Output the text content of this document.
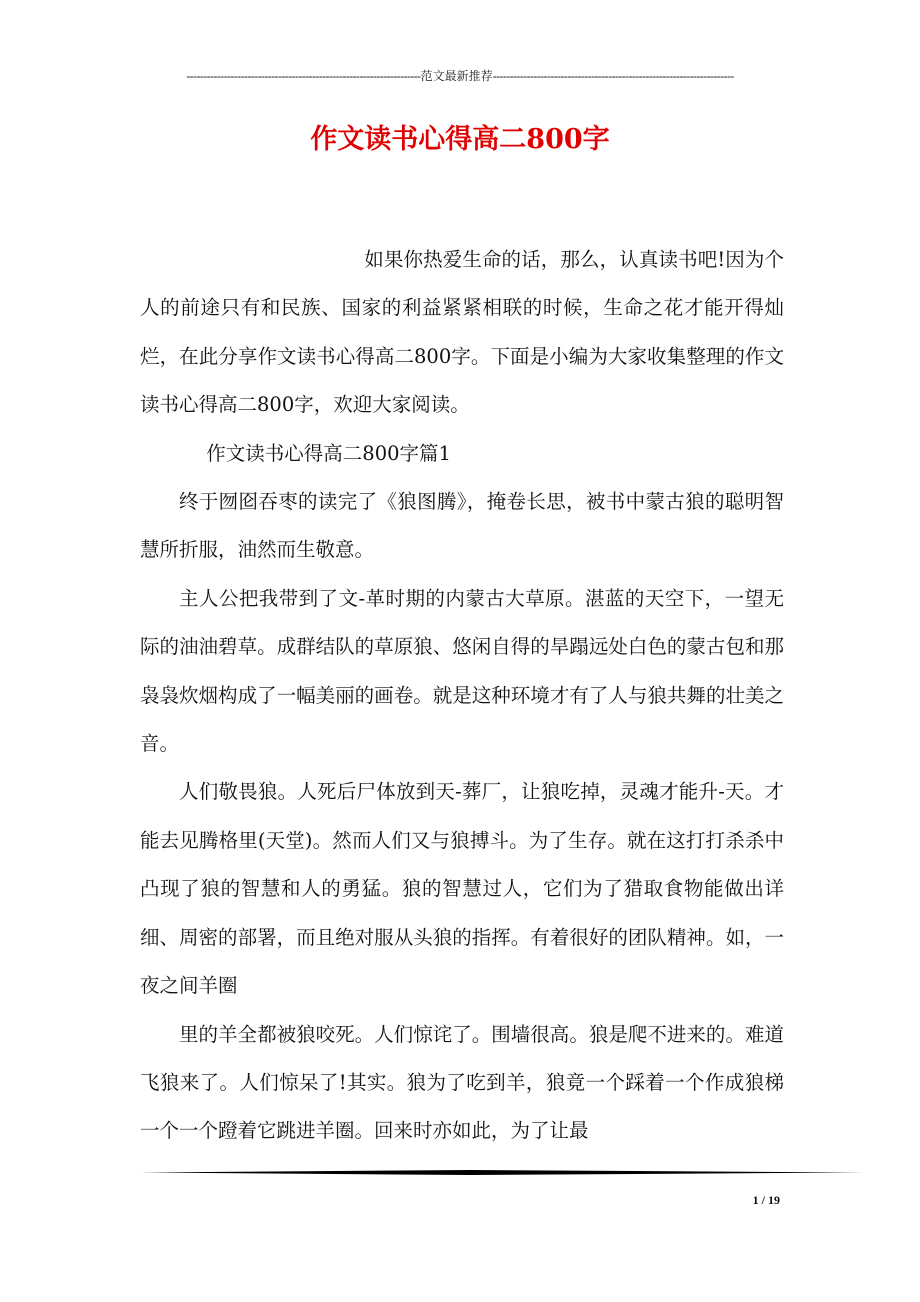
---------------------------------------------------------------------范文最新推荐-----------------------------------------------------------------------
作文读书心得高二800字

如果你热爱生命的话，那么，认真读书吧!因为个人的前途只有和民族、国家的利益紧紧相联的时候，生命之花才能开得灿烂，在此分享作文读书心得高二800字。下面是小编为大家收集整理的作文读书心得高二800字，欢迎大家阅读。

作文读书心得高二800字篇1

终于囫囵吞枣的读完了《狼图腾》，掩卷长思，被书中蒙古狼的聪明智慧所折服，油然而生敬意。

主人公把我带到了文-革时期的内蒙古大草原。湛蓝的天空下，一望无际的油油碧草。成群结队的草原狼、悠闲自得的旱蹋远处白色的蒙古包和那袅袅炊烟构成了一幅美丽的画卷。就是这种环境才有了人与狼共舞的壮美之音。

人们敬畏狼。人死后尸体放到天-葬厂，让狼吃掉，灵魂才能升-天。才能去见腾格里(天堂)。然而人们又与狼搏斗。为了生存。就在这打打杀杀中凸现了狼的智慧和人的勇猛。狼的智慧过人，它们为了猎取食物能做出详细、周密的部署，而且绝对服从头狼的指挥。有着很好的团队精神。如，一夜之间羊圈

里的羊全都被狼咬死。人们惊诧了。围墙很高。狼是爬不进来的。难道飞狼来了。人们惊呆了!其实。狼为了吃到羊，狼竟一个踩着一个作成狼梯一个一个蹬着它跳进羊圈。回来时亦如此，为了让最

1 / 19
